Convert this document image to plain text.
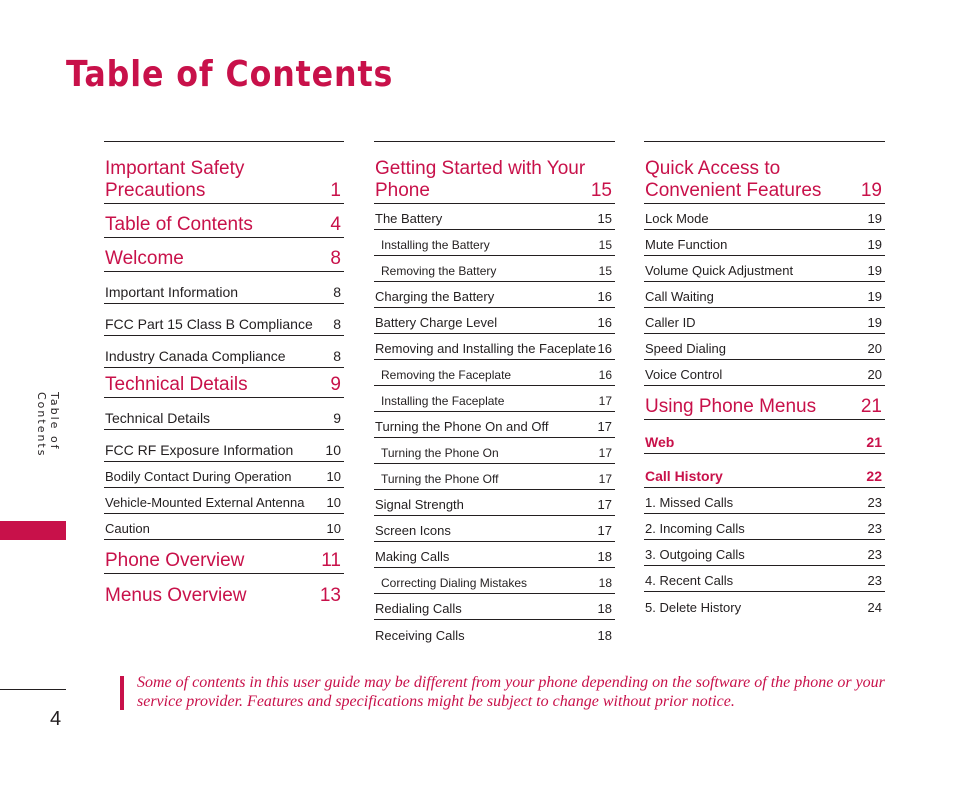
Table of Contents
Important Safety Precautions	1
Table of Contents	4
Welcome	8
Important Information	8
FCC Part 15 Class B Compliance 8
Industry Canada Compliance	8
Technical Details	9
Technical Details	9
FCC RF Exposure Information 10
Bodily Contact During Operation	10
Vehicle-Mounted External Antenna 10
Caution	10
Phone Overview	11
Menus Overview	13
Getting Started with Your Phone	15
The Battery	15
Installing the Battery	15
Removing the Battery	15
Charging the Battery	16
Battery Charge Level	16
Removing and Installing the Faceplate 16
Removing the Faceplate	16
Installing the Faceplate	17
Turning the Phone On and Off	17
Turning the Phone On	17
Turning the Phone Off	17
Signal Strength	17
Screen Icons	17
Making Calls	18
Correcting Dialing Mistakes	18
Redialing Calls	18
Receiving Calls	18
Quick Access to Convenient Features	19
Lock Mode	19
Mute Function	19
Volume Quick Adjustment	19
Call Waiting	19
Caller ID	19
Speed Dialing	20
Voice Control	20
Using Phone Menus 21
Web	21
Call History	22
1. Missed Calls	23
2. Incoming Calls	23
3. Outgoing Calls	23
4. Recent Calls	23
5. Delete History	24
Table of Contents
4

Some of contents in this user guide may be different from your phone depending on the software of the phone or your service provider. Features and specifications might be subject to change without prior notice.
